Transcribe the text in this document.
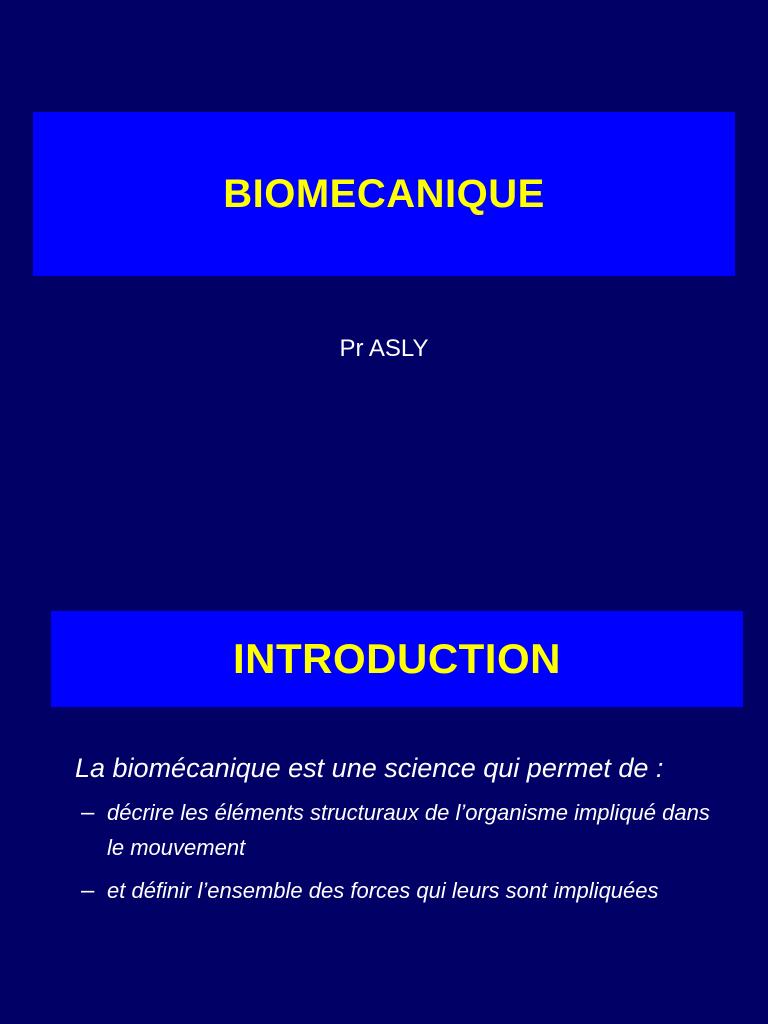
BIOMECANIQUE
Pr ASLY
INTRODUCTION

La biomécanique est une science qui permet de :

– décrire les éléments structuraux de l’organisme impliqué dans le mouvement
– et définir l’ensemble des forces qui leurs sont impliquées
